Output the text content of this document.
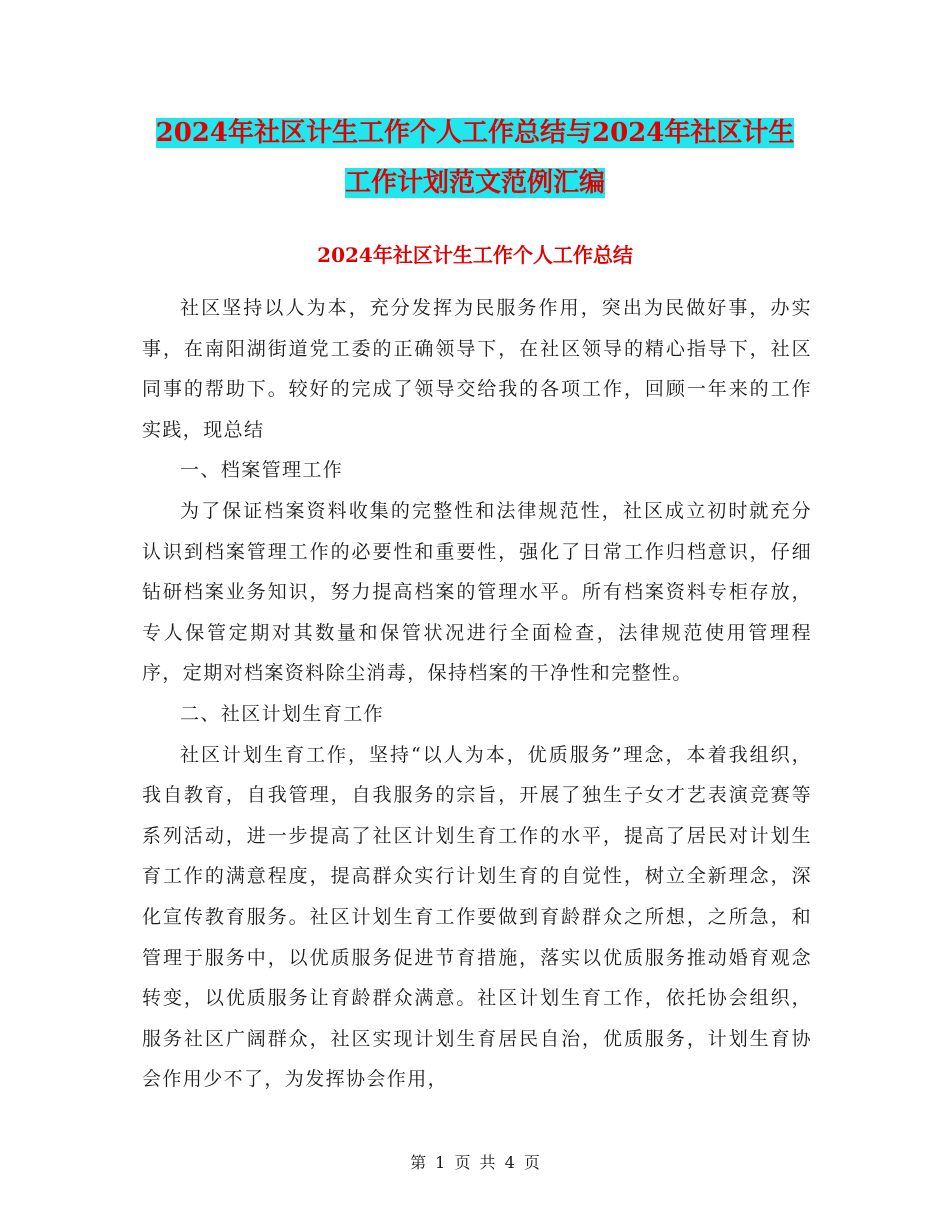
2024年社区计生工作个人工作总结与2024年社区计生
工作计划范文范例汇编
2024年社区计生工作个人工作总结

社区坚持以人为本，充分发挥为民服务作用，突出为民做好事，办实事，在南阳湖街道党工委的正确领导下，在社区领导的精心指导下，社区同事的帮助下。较好的完成了领导交给我的各项工作，回顾一年来的工作实践，现总结

一、档案管理工作

为了保证档案资料收集的完整性和法律规范性，社区成立初时就充分认识到档案管理工作的必要性和重要性，强化了日常工作归档意识，仔细钻研档案业务知识，努力提高档案的管理水平。所有档案资料专柜存放，专人保管定期对其数量和保管状况进行全面检查，法律规范使用管理程序，定期对档案资料除尘消毒，保持档案的干净性和完整性。

二、社区计划生育工作

社区计划生育工作，坚持“以人为本，优质服务”理念，本着我组织，我自教育，自我管理，自我服务的宗旨，开展了独生子女才艺表演竞赛等系列活动，进一步提高了社区计划生育工作的水平，提高了居民对计划生育工作的满意程度，提高群众实行计划生育的自觉性，树立全新理念，深化宣传教育服务。社区计划生育工作要做到育龄群众之所想，之所急，和管理于服务中，以优质服务促进节育措施，落实以优质服务推动婚育观念转变，以优质服务让育龄群众满意。社区计划生育工作，依托协会组织，服务社区广阔群众，社区实现计划生育居民自治，优质服务，计划生育协会作用少不了，为发挥协会作用，

第 1 页 共 4 页
